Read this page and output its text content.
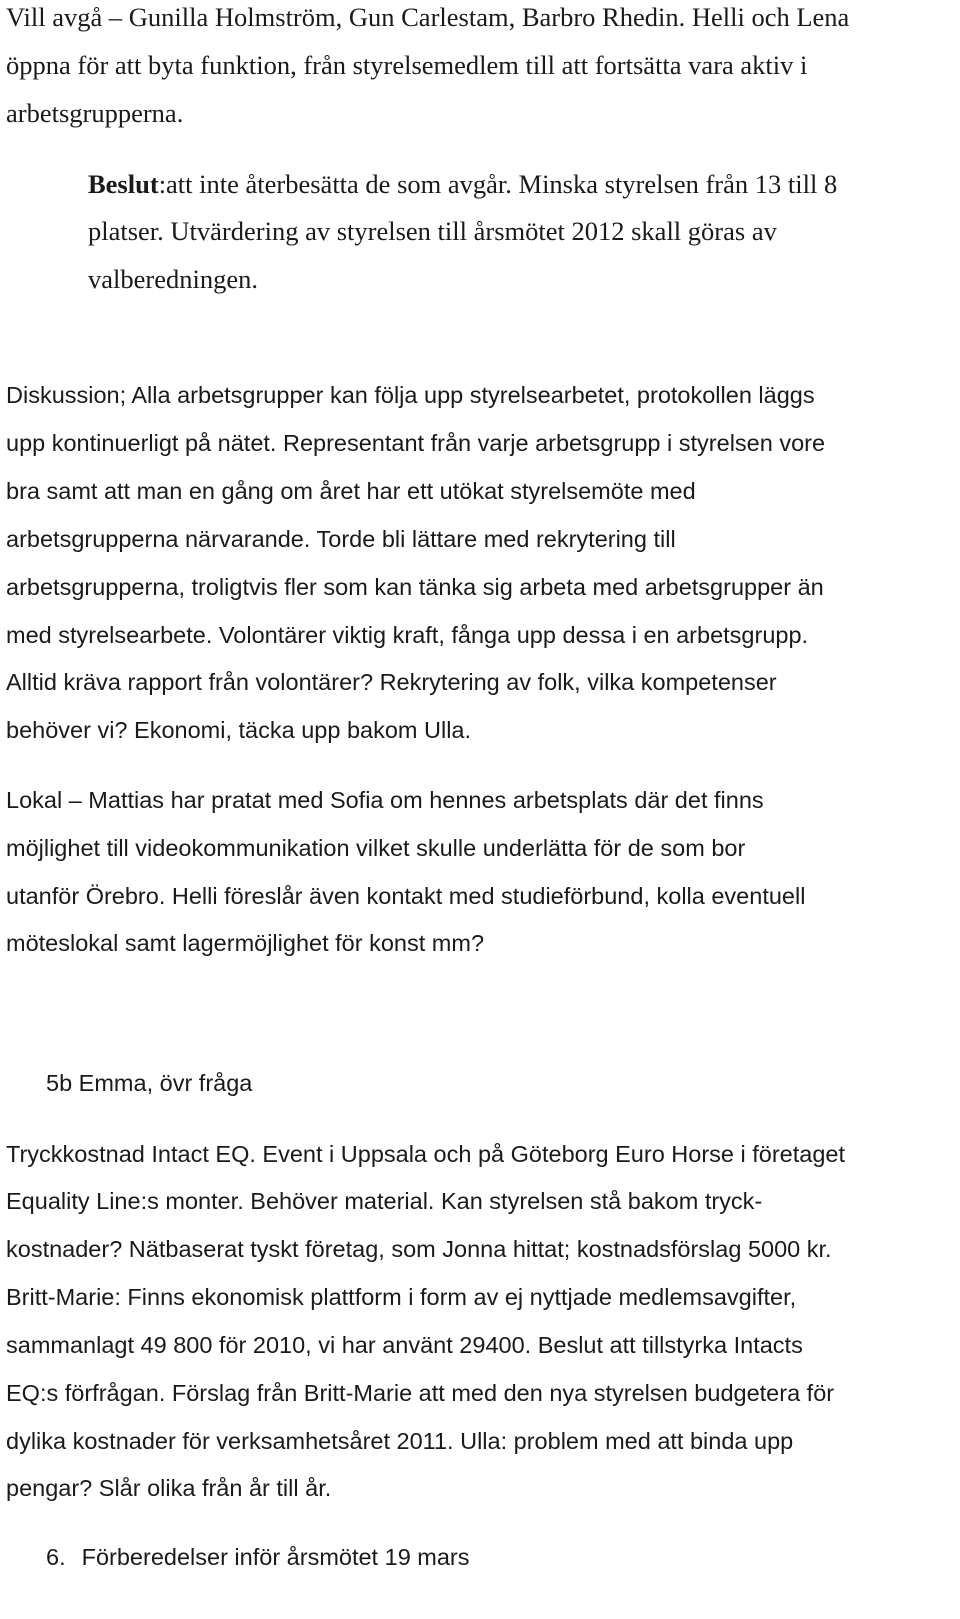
Vill avgå – Gunilla Holmström, Gun Carlestam, Barbro Rhedin. Helli och Lena
öppna för att byta funktion, från styrelsemedlem till att fortsätta vara aktiv i
arbetsgrupperna.
Beslut:att inte återbesätta de som avgår. Minska styrelsen från 13 till 8
platser. Utvärdering av styrelsen till årsmötet 2012 skall göras av
valberedningen.
Diskussion; Alla arbetsgrupper kan följa upp styrelsearbetet, protokollen läggs
upp kontinuerligt på nätet. Representant från varje arbetsgrupp i styrelsen vore
bra samt att man en gång om året har ett utökat styrelsemöte med
arbetsgrupperna närvarande. Torde bli lättare med rekrytering till
arbetsgrupperna, troligtvis fler som kan tänka sig arbeta med arbetsgrupper än
med styrelsearbete. Volontärer viktig kraft, fånga upp dessa i en arbetsgrupp.
Alltid kräva rapport från volontärer? Rekrytering av folk, vilka kompetenser
behöver vi? Ekonomi, täcka upp bakom Ulla.
Lokal – Mattias har pratat med Sofia om hennes arbetsplats där det finns
möjlighet till videokommunikation vilket skulle underlätta för de som bor
utanför Örebro. Helli föreslår även kontakt med studieförbund, kolla eventuell
möteslokal samt lagermöjlighet för konst mm?
5b Emma, övr fråga
Tryckkostnad Intact EQ. Event i Uppsala och på Göteborg Euro Horse i företaget
Equality Line:s monter. Behöver material. Kan styrelsen stå bakom tryck-
kostnader? Nätbaserat tyskt företag, som Jonna hittat; kostnadsförslag 5000 kr.
Britt-Marie: Finns ekonomisk plattform i form av ej nyttjade medlemsavgifter,
sammanlagt 49 800 för 2010, vi har använt 29400. Beslut att tillstyrka Intacts
EQ:s förfrågan. Förslag från Britt-Marie att med den nya styrelsen budgetera för
dylika kostnader för verksamhetsåret 2011. Ulla: problem med att binda upp
pengar? Slår olika från år till år.
6. Förberedelser inför årsmötet 19 mars
